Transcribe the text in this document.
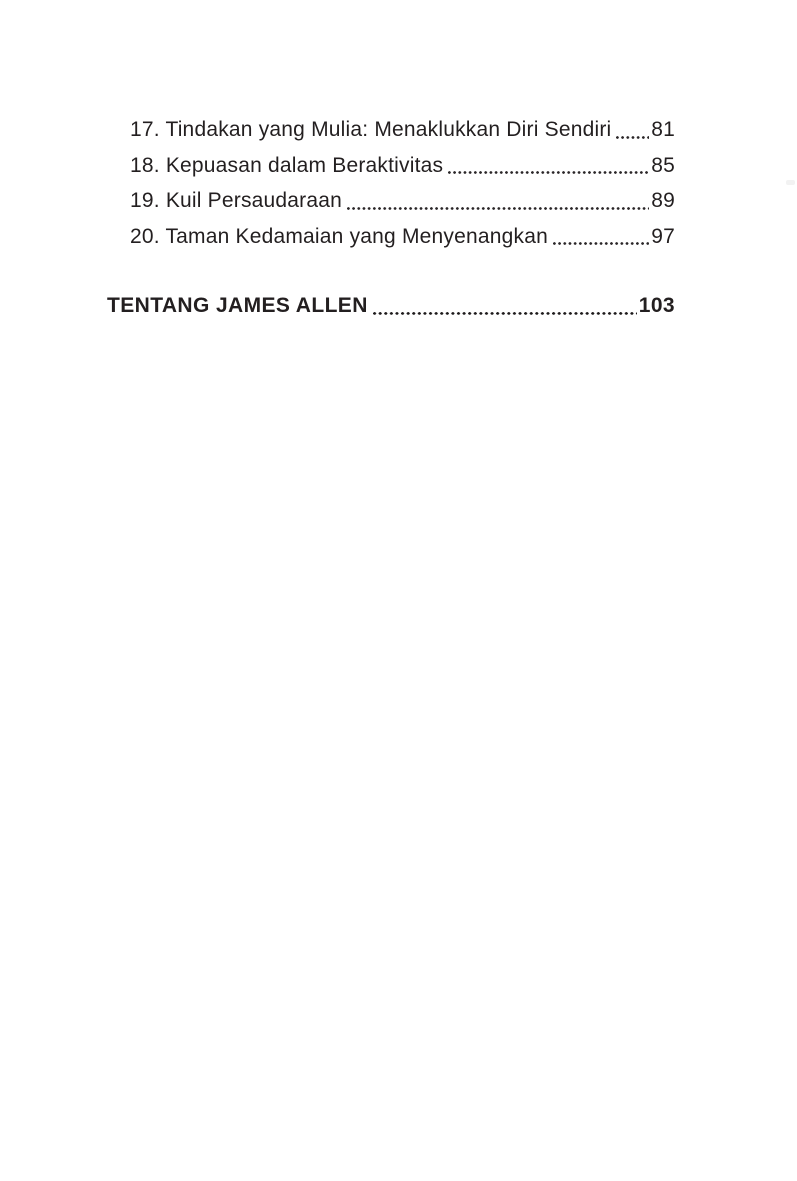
17. Tindakan yang Mulia: Menaklukkan Diri Sendiri 81
18. Kepuasan dalam Beraktivitas	85
19. Kuil Persaudaraan	89
20. Taman Kedamaian yang Menyenangkan	97
TENTANG JAMES ALLEN	103
